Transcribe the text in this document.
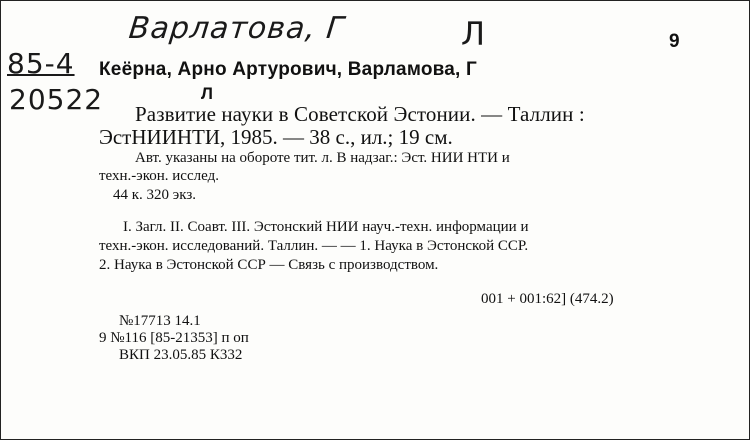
Варлатова, Г	Л
85-4
20522
9
Кеёрна, Арно Артурович, Варламова, Г
Л
Развитие науки в Советской Эстонии. — Таллин :
ЭстНИИНТИ, 1985. — 38 с., ил.; 19 см.
Авт. указаны на обороте тит. л. В надзаг.: Эст. НИИ НТИ и
техн.-экон. исслед.
44 к. 320 экз.
I. Загл. II. Соавт. III. Эстонский НИИ науч.-техн. информации и
техн.-экон. исследований. Таллин. — — 1. Наука в Эстонской ССР.
2. Наука в Эстонской ССР — Связь с производством.
001 + 001:62] (474.2)
№17713 14.1
9 №116 [85-21353] п оп
ВКП 23.05.85 К332
